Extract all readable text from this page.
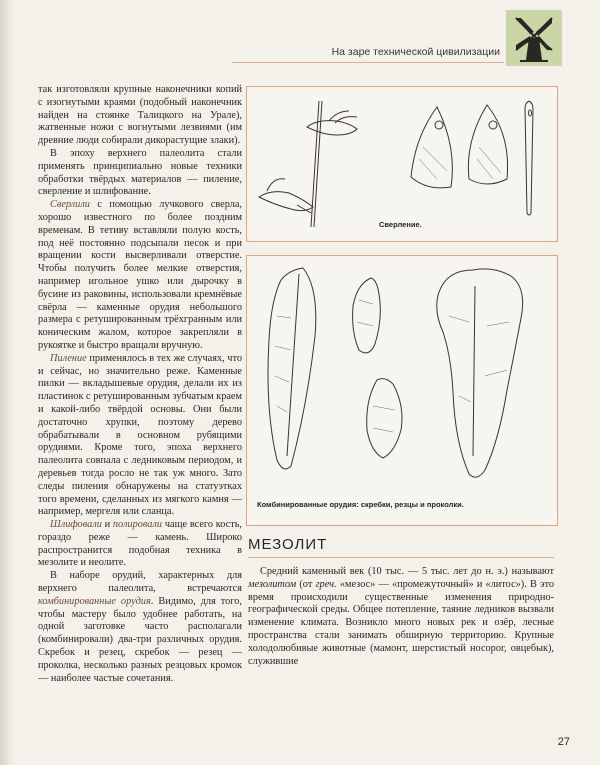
На заре технической цивилизации

так изготовляли крупные наконечники копий с изогнутыми краями (подобный наконечник найден на стоянке Талицкого на Урале), жатвенные ножи с вогнутыми лезвиями (им древние люди собирали дикорастущие злаки).

В эпоху верхнего палеолита стали применять принципиально новые техники обработки твёрдых материалов — пиление, сверление и шлифование.

Сверлили с помощью лучкового сверла, хорошо известного по более поздним временам. В тетиву вставляли полую кость, под неё постоянно подсыпали песок и при вращении кости высверливали отверстие. Чтобы получить более мелкие отверстия, например игольное ушко или дырочку в бусине из раковины, использовали кремнёвые свёрла — каменные орудия небольшого размера с ретушированным трёхгранным или коническим жалом, которое закрепляли в рукоятке и быстро вращали вручную.

Пиление применялось в тех же случаях, что и сейчас, но значительно реже. Каменные пилки — вкладышевые орудия, делали их из пластинок с ретушированным зубчатым краем и какой-либо твёрдой основы. Они были достаточно хрупки, поэтому дерево обрабатывали в основном рубящими орудиями. Кроме того, эпоха верхнего палеолита совпала с ледниковым периодом, и деревьев тогда росло не так уж много. Зато следы пиления обнаружены на статуэтках того времени, сделанных из мягкого камня — например, мергеля или сланца.

Шлифовали и полировали чаще всего кость, гораздо реже — камень. Широко распространится подобная техника в мезолите и неолите.

В наборе орудий, характерных для верхнего палеолита, встречаются комбинированные орудия. Видимо, для того, чтобы мастеру было удобнее работать, на одной заготовке часто располагали (комбинировали) два-три различных орудия. Скребок и резец, скребок — резец — проколка, несколько разных резцовых кромок — наиболее частые сочетания.

Сверление.
Комбинированные орудия: скребки, резцы и проколки.
МЕЗОЛИТ

Средний каменный век (10 тыс. — 5 тыс. лет до н. э.) называют мезолитом (от греч. «мезос» — «промежуточный» и «литос»). В это время происходили существенные изменения природно-географической среды. Общее потепление, таяние ледников вызвали изменение климата. Возникло много новых рек и озёр, лесные пространства стали занимать обширную территорию. Крупные холодолюбивые животные (мамонт, шерстистый носорог, овцебык), служившие

27
